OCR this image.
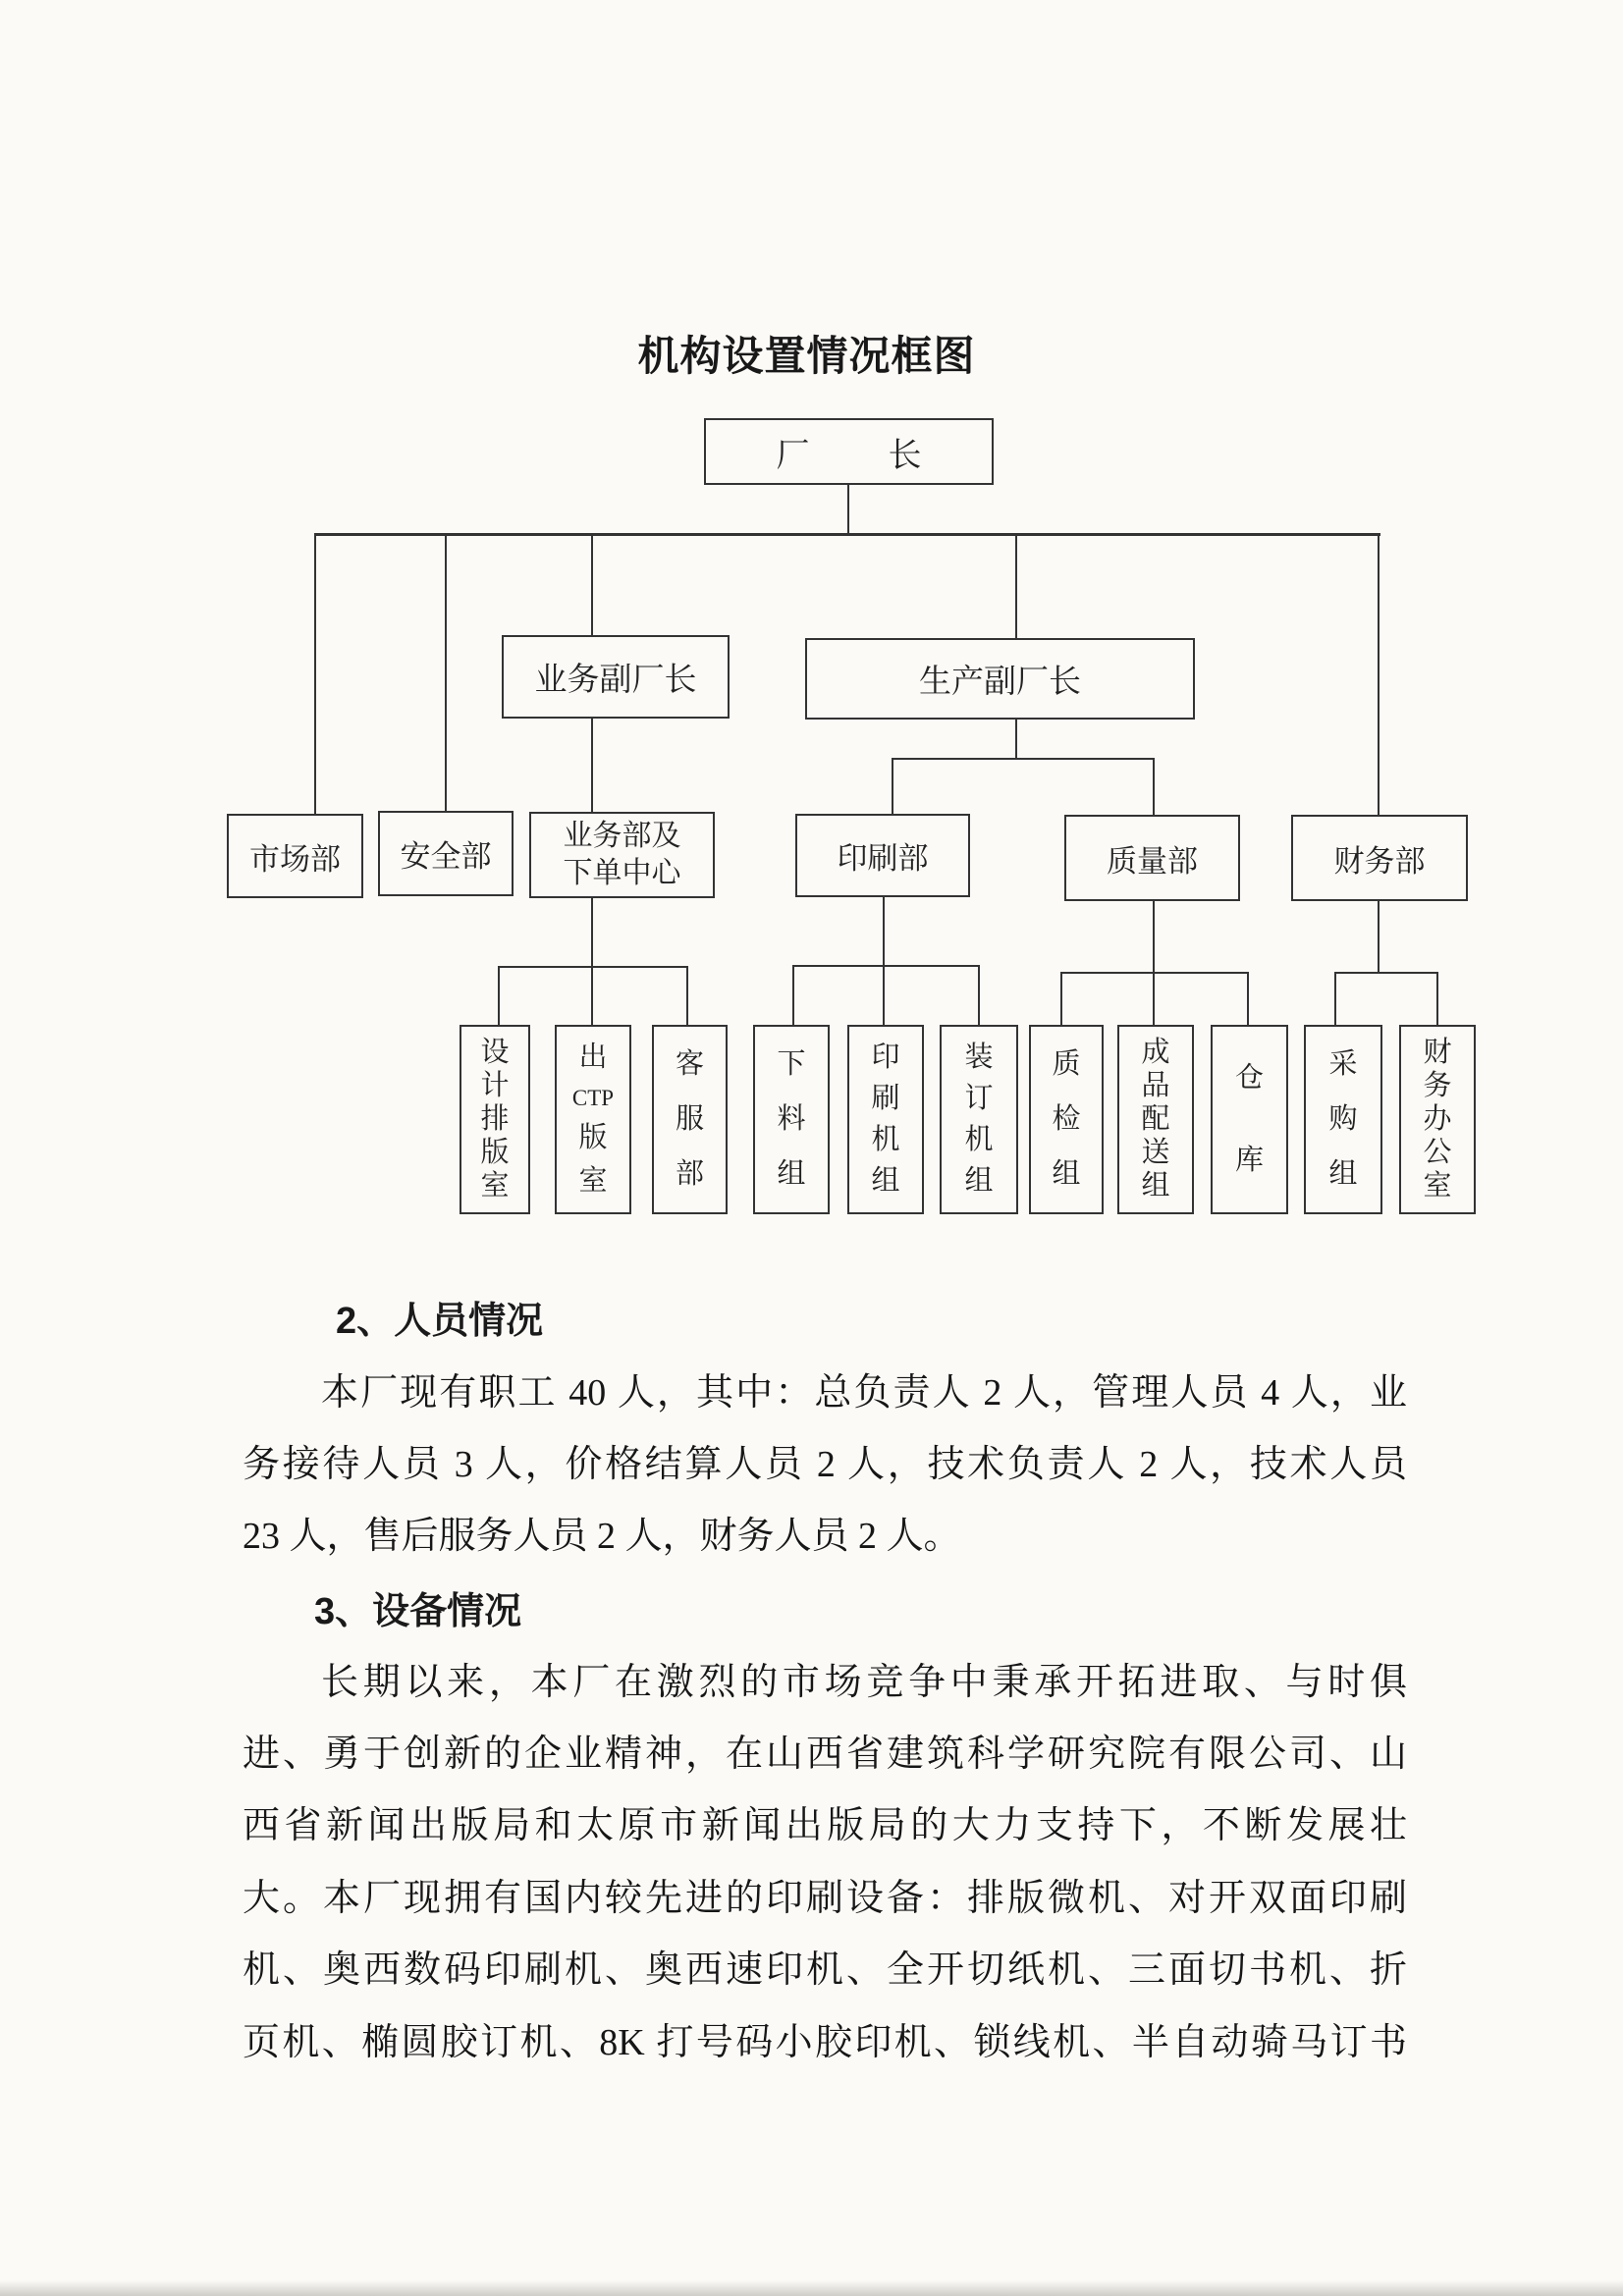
机构设置情况框图
厂 长
业务副厂长	生产副厂长
市场部 安全部
业务部及
下单中心	印刷部	质量部	财务部
设
计
排
版
室
出
CTP
版
室
客
服
部
下
料
组
印
刷
机
组
装
订
机
组
质
检
组
成
品
配
送
组
仓
库
采
购
组
财
务
办
公
室
2、人员情况
本厂现有职工 40 人，其中：总负责人 2 人，管理人员 4 人，业
务接待人员 3 人，价格结算人员 2 人，技术负责人 2 人，技术人员
23 人，售后服务人员 2 人，财务人员 2 人。
3、设备情况
长期以来，本厂在激烈的市场竞争中秉承开拓进取、与时俱
进、勇于创新的企业精神，在山西省建筑科学研究院有限公司、山
西省新闻出版局和太原市新闻出版局的大力支持下，不断发展壮
大。本厂现拥有国内较先进的印刷设备：排版微机、对开双面印刷
机、奥西数码印刷机、奥西速印机、全开切纸机、三面切书机、折
页机、椭圆胶订机、8K 打号码小胶印机、锁线机、半自动骑马订书
